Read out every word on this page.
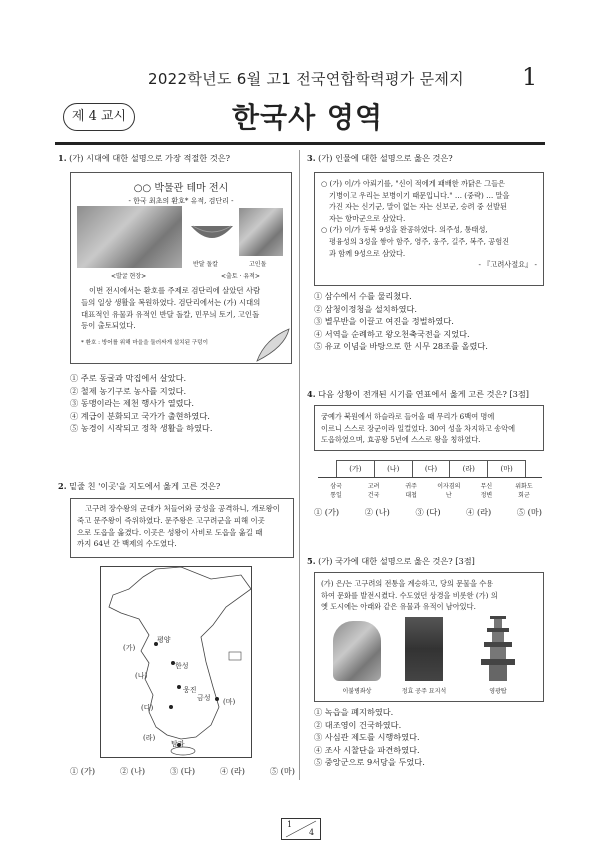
2022학년도 6월 고1 전국연합학력평가 문제지 1
제 4 교시	한국사 영역
1. (가) 시대에 대한 설명으로 가장 적절한 것은?
○○ 박물관 테마 전시
- 한국 최초의 환호* 유적, 검단리 -
<발굴 현장>
반달 돌칼	고인돌
<출토 · 유적>
이번 전시에서는 환호를 주제로 검단리에 살았던 사람
들의 일상 생활을 복원하였다. 검단리에서는 (가) 시대의
대표적인 유물과 유적인 반달 돌칼, 민무늬 토기, 고인돌
등이 출토되었다.
* 환호 : 방어를 위해 마을을 둘러싸게 설치된 구덩이
① 주로 동굴과 막집에서 살았다.
② 철제 농기구로 농사를 지었다.
③ 동맹이라는 제천 행사가 열렸다.
④ 계급이 분화되고 국가가 출현하였다.
⑤ 농경이 시작되고 정착 생활을 하였다.
2. 밑줄 친 '이곳'을 지도에서 옳게 고른 것은?
고구려 장수왕의 군대가 처들어와 궁성을 공격하니, 개로왕이
죽고 문주왕이 즉위하였다. 문주왕은 고구려군을 피해 이곳
으로 도읍을 옮겼다. 이곳은 성왕이 사비로 도읍을 옮길 때
까지 64년 간 백제의 수도였다.
평양
(가)
한성
(나)
웅진
(다)
금성 (마)
(라)
탐라
① (가)	② (나)	③ (다)	④ (라)	⑤ (마)
3. (가) 인물에 대한 설명으로 옳은 것은?
○ (가) 이/가 아뢰기를, "신이 적에게 패배한 까닭은 그들은
기병이고 우리는 보병이기 때문입니다." … (중략) … 말을
가진 자는 신기군, 말이 없는 자는 신보군, 승려 중 선발된
자는 항마군으로 삼았다.
○ (가) 이/가 동북 9성을 완공하였다. 의주성, 통태성,
평융성의 3성을 쌓아 함주, 영주, 웅주, 길주, 복주, 공험진
과 함께 9성으로 삼았다.
- 『고려사절요』 -
① 삼수에서 수를 물리쳤다.
② 삼청이정청을 설치하였다.
③ 별무반을 이끌고 여진을 정벌하였다.
④ 서역을 순례하고 왕오천축국전을 지었다.
⑤ 유교 이념을 바탕으로 한 시무 28조를 올렸다.
4. 다음 상황이 전개된 시기를 연표에서 옳게 고른 것은? [3점]
궁예가 북원에서 하슬라로 들어올 때 무리가 6백여 명에
이르니 스스로 장군이라 일컬었다. 30여 성을 차지하고 송악에
도읍하였으며, 효공왕 5년에 스스로 왕을 칭하였다.
(가)	(나)	(다)	(라)	(마)
삼국
통일
고려
건국
귀주
대첩
이자겸의
난
무신
정변
위화도
회군
① (가)	② (나)	③ (다)	④ (라)	⑤ (마)
5. (가) 국가에 대한 설명으로 옳은 것은? [3점]
(가) 은/는 고구려의 전통을 계승하고, 당의 문물을 수용
하여 문화를 발전시켰다. 수도였던 상경을 비롯한 (가) 의
옛 도시에는 아래와 같은 유물과 유적이 남아있다.
이불병좌상	정효 공주 묘지석	영광탑
① 녹읍을 폐지하였다.
② 대조영이 건국하였다.
③ 사심관 제도를 시행하였다.
④ 조사 시찰단을 파견하였다.
⑤ 중앙군으로 9서당을 두었다.
1
4
